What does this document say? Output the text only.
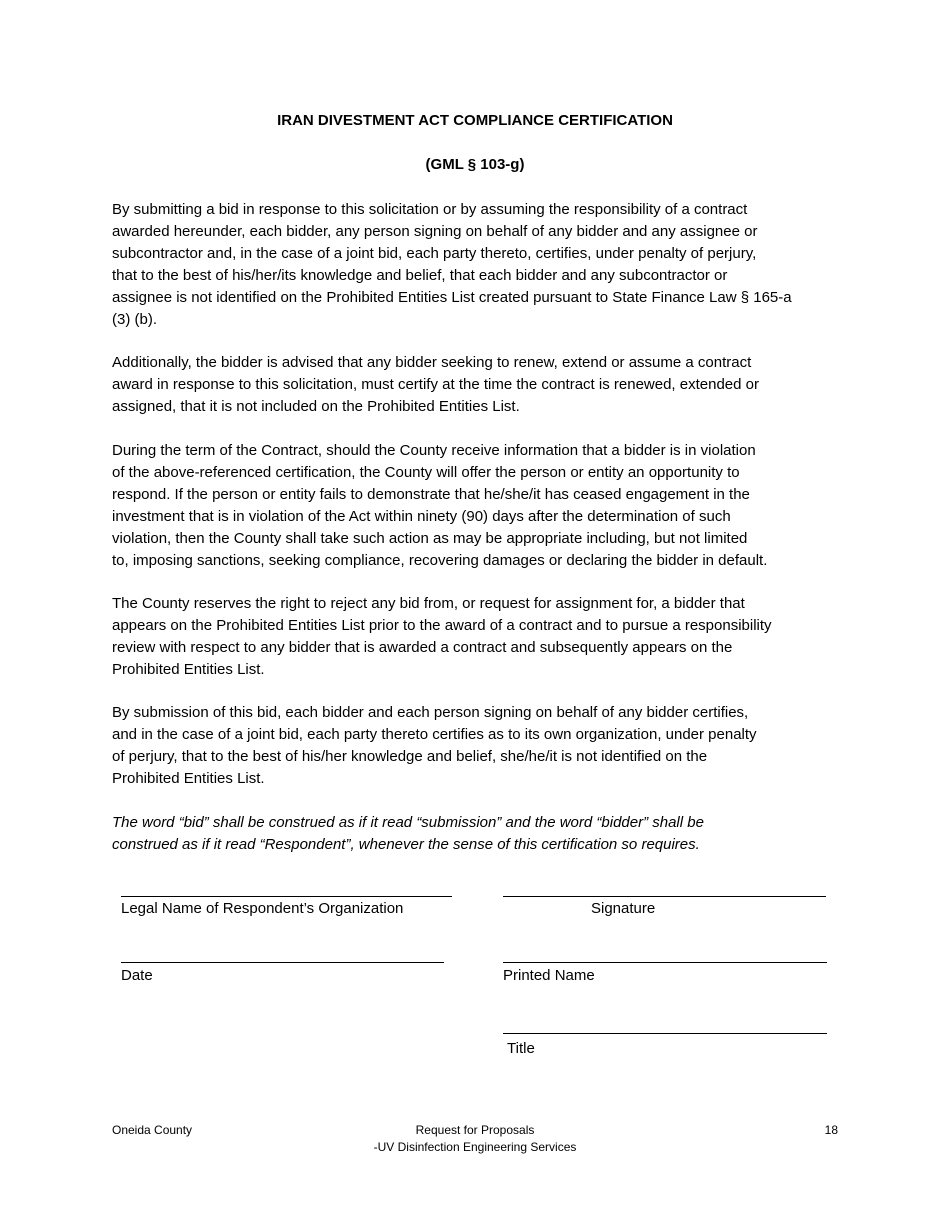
IRAN DIVESTMENT ACT COMPLIANCE CERTIFICATION
(GML § 103-g)
By submitting a bid in response to this solicitation or by assuming the responsibility of a contract
awarded hereunder, each bidder, any person signing on behalf of any bidder and any assignee or
subcontractor and, in the case of a joint bid, each party thereto, certifies, under penalty of perjury,
that to the best of his/her/its knowledge and belief, that each bidder and any subcontractor or
assignee is not identified on the Prohibited Entities List created pursuant to State Finance Law § 165-a
(3) (b).
Additionally, the bidder is advised that any bidder seeking to renew, extend or assume a contract
award in response to this solicitation, must certify at the time the contract is renewed, extended or
assigned, that it is not included on the Prohibited Entities List.
During the term of the Contract, should the County receive information that a bidder is in violation
of the above-referenced certification, the County will offer the person or entity an opportunity to
respond. If the person or entity fails to demonstrate that he/she/it has ceased engagement in the
investment that is in violation of the Act within ninety (90) days after the determination of such
violation, then the County shall take such action as may be appropriate including, but not limited
to, imposing sanctions, seeking compliance, recovering damages or declaring the bidder in default.
The County reserves the right to reject any bid from, or request for assignment for, a bidder that
appears on the Prohibited Entities List prior to the award of a contract and to pursue a responsibility
review with respect to any bidder that is awarded a contract and subsequently appears on the
Prohibited Entities List.
By submission of this bid, each bidder and each person signing on behalf of any bidder certifies,
and in the case of a joint bid, each party thereto certifies as to its own organization, under penalty
of perjury, that to the best of his/her knowledge and belief, she/he/it is not identified on the
Prohibited Entities List.
The word “bid” shall be construed as if it read “submission” and the word “bidder” shall be
construed as if it read “Respondent”, whenever the sense of this certification so requires.
Legal Name of Respondent’s Organization	Signature
Date	Printed Name
Title
Oneida County	Request for Proposals
-UV Disinfection Engineering Services
18
